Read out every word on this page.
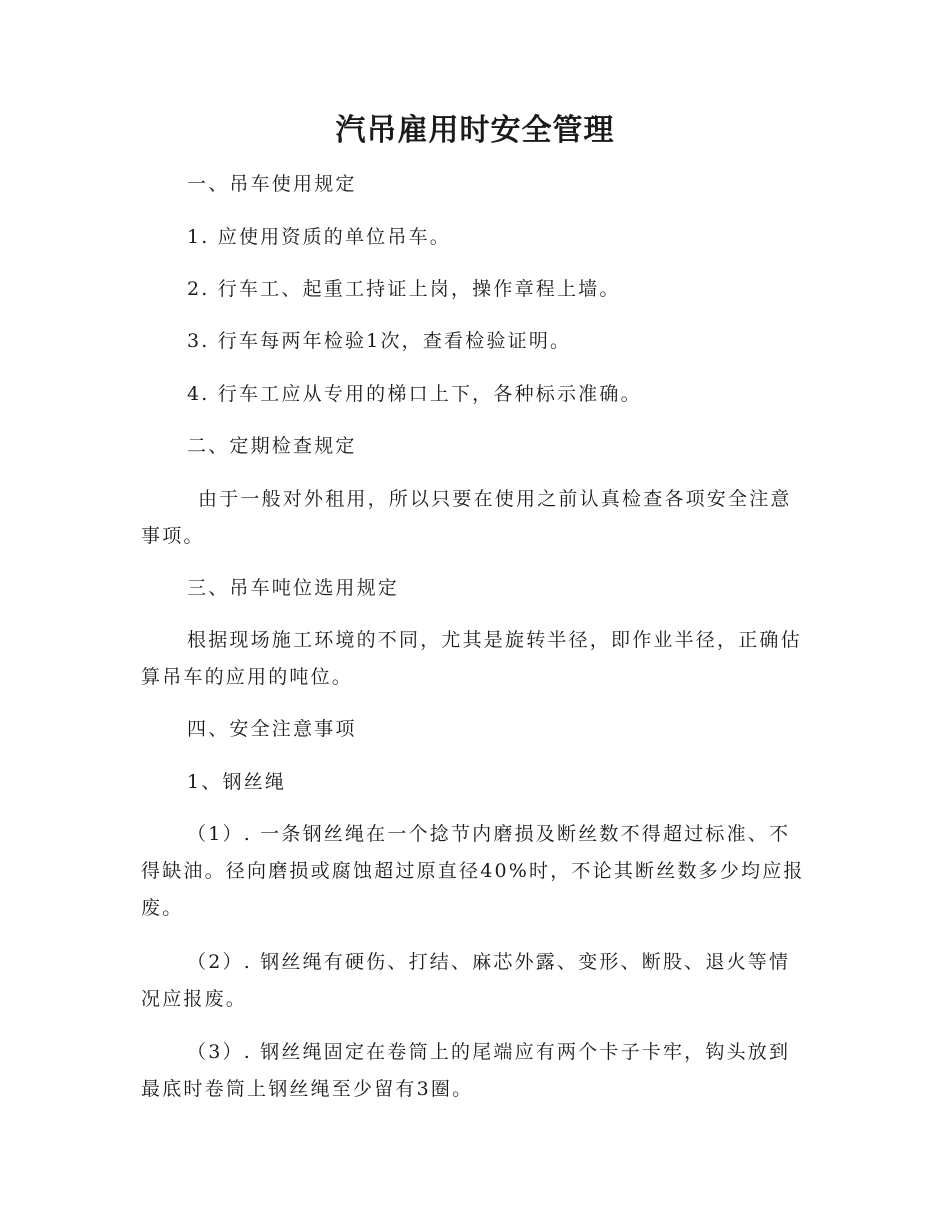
汽吊雇用时安全管理

一、吊车使用规定

1. 应使用资质的单位吊车。

2. 行车工、起重工持证上岗，操作章程上墙。

3. 行车每两年检验1次，查看检验证明。

4. 行车工应从专用的梯口上下，各种标示准确。

二、定期检查规定

由于一般对外租用，所以只要在使用之前认真检查各项安全注意事项。

三、吊车吨位选用规定

根据现场施工环境的不同，尤其是旋转半径，即作业半径，正确估算吊车的应用的吨位。

四、安全注意事项

1、钢丝绳

（1）. 一条钢丝绳在一个捻节内磨损及断丝数不得超过标准、不得缺油。径向磨损或腐蚀超过原直径40%时，不论其断丝数多少均应报废。

（2）. 钢丝绳有硬伤、打结、麻芯外露、变形、断股、退火等情况应报废。

（3）. 钢丝绳固定在卷筒上的尾端应有两个卡子卡牢，钩头放到最底时卷筒上钢丝绳至少留有3圈。
